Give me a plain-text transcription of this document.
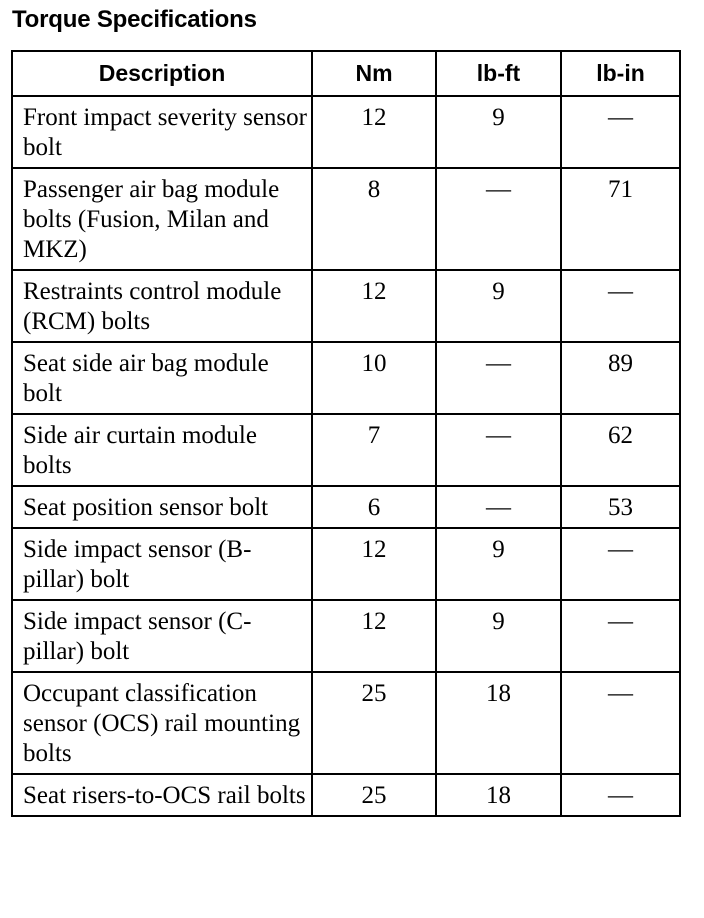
Torque Specifications
Description	Nm	lb-ft	lb-in
Front impact severity sensor bolt	12	9	—
Passenger air bag module bolts (Fusion, Milan and MKZ)	8	—	71
Restraints control module (RCM) bolts	12	9	—
Seat side air bag module bolt	10	—	89
Side air curtain module bolts	7	—	62
Seat position sensor bolt	6	—	53
Side impact sensor (B-pillar) bolt	12	9	—
Side impact sensor (C-pillar) bolt	12	9	—
Occupant classification sensor (OCS) rail mounting bolts	25	18	—
Seat risers-to-OCS rail bolts	25	18	—
